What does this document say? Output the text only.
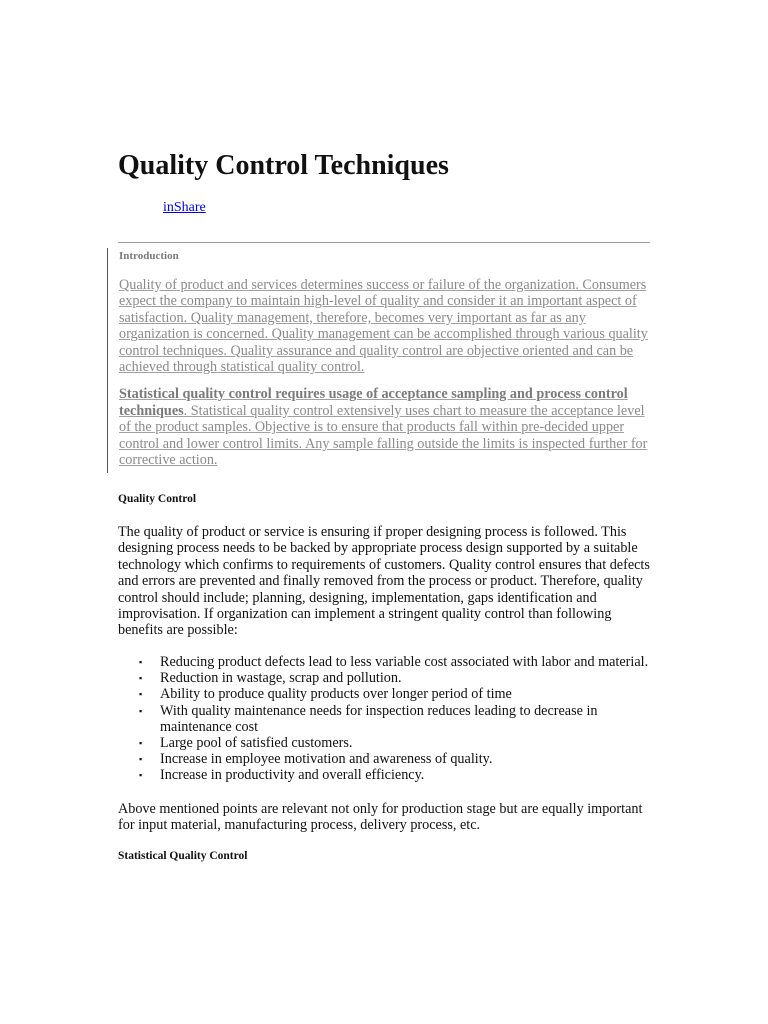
Quality Control Techniques
inShare

Introduction

Quality of product and services determines success or failure of the organization. Consumers expect the company to maintain high-level of quality and consider it an important aspect of satisfaction. Quality management, therefore, becomes very important as far as any organization is concerned. Quality management can be accomplished through various quality control techniques. Quality assurance and quality control are objective oriented and can be achieved through statistical quality control.

Statistical quality control requires usage of acceptance sampling and process control techniques. Statistical quality control extensively uses chart to measure the acceptance level of the product samples. Objective is to ensure that products fall within pre-decided upper control and lower control limits. Any sample falling outside the limits is inspected further for corrective action.

Quality Control

The quality of product or service is ensuring if proper designing process is followed. This designing process needs to be backed by appropriate process design supported by a suitable technology which confirms to requirements of customers. Quality control ensures that defects and errors are prevented and finally removed from the process or product. Therefore, quality control should include; planning, designing, implementation, gaps identification and improvisation. If organization can implement a stringent quality control than following benefits are possible:

▪ Reducing product defects lead to less variable cost associated with labor and material.
▪ Reduction in wastage, scrap and pollution.
▪ Ability to produce quality products over longer period of time
▪ With quality maintenance needs for inspection reduces leading to decrease in maintenance cost
▪ Large pool of satisfied customers.
▪ Increase in employee motivation and awareness of quality.
▪ Increase in productivity and overall efficiency.

Above mentioned points are relevant not only for production stage but are equally important for input material, manufacturing process, delivery process, etc.

Statistical Quality Control
